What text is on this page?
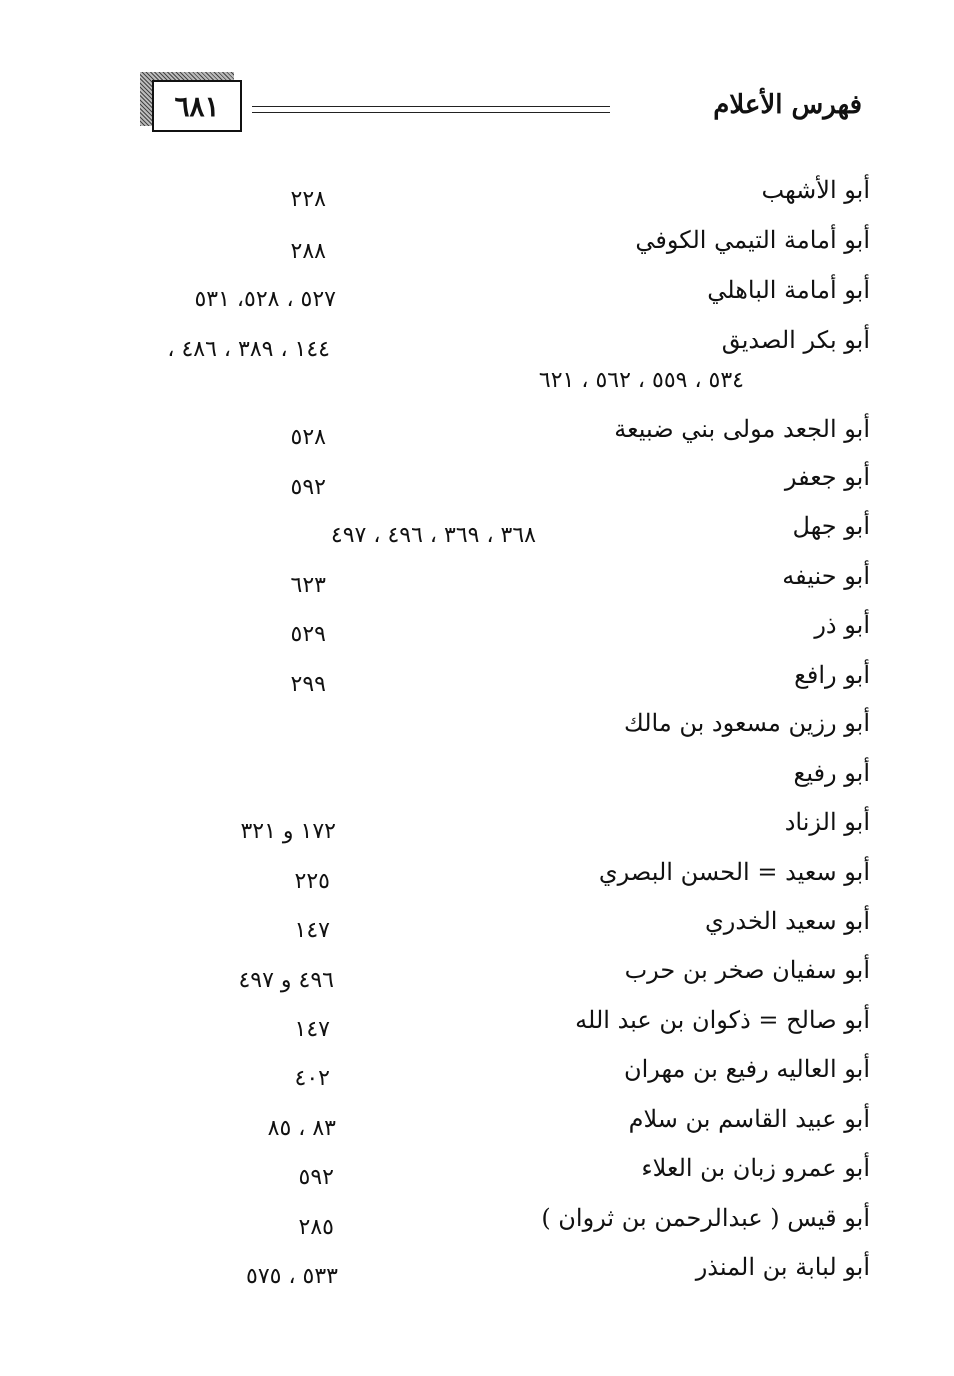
٦٨١	فهرس الأعلام
أبو الأشهب
٢٢٨
أبو أمامة التيمي الكوفي
٢٨٨
أبو أمامة الباهلي
٥٢٧ ، ٥٢٨، ٥٣١
أبو بكر الصديق
١٤٤ ، ٣٨٩ ، ٤٨٦ ،
٥٣٤ ، ٥٥٩ ، ٥٦٢ ، ٦٢١
أبو الجعد مولى بني ضبيعة
٥٢٨
أبو جعفر
٥٩٢
أبو جهل
٣٦٨ ، ٣٦٩ ، ٤٩٦ ، ٤٩٧
أبو حنيفه
٦٢٣
أبو ذر
٥٢٩
أبو رافع
٢٩٩
أبو رزين مسعود بن مالك
أبو رفيع
أبو الزناد
١٧٢ و ٣٢١
أبو سعيد = الحسن البصري
٢٢٥
أبو سعيد الخدري
١٤٧
أبو سفيان صخر بن حرب
٤٩٦ و ٤٩٧
أبو صالح = ذكوان بن عبد الله
١٤٧
أبو العاليه رفيع بن مهران
٤٠٢
أبو عبيد القاسم بن سلام
٨٣ ، ٨٥
أبو عمرو زبان بن العلاء
٥٩٢
أبو قيس ( عبدالرحمن بن ثروان )
٢٨٥
أبو لبابة بن المنذر
٥٣٣ ، ٥٧٥
